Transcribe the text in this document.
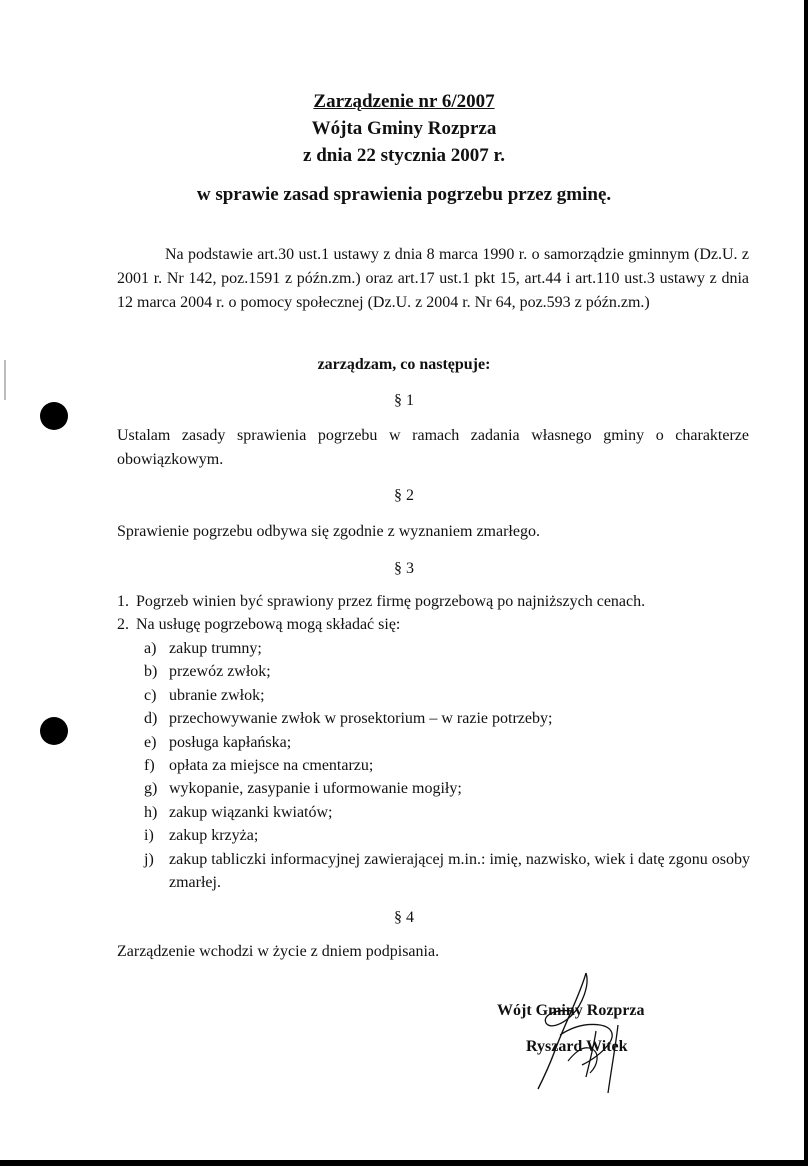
Zarządzenie nr 6/2007
Wójta Gminy Rozprza
z dnia 22 stycznia 2007 r.
w sprawie zasad sprawienia pogrzebu przez gminę.

Na podstawie art.30 ust.1 ustawy z dnia 8 marca 1990 r. o samorządzie gminnym (Dz.U. z 2001 r. Nr 142, poz.1591 z późn.zm.) oraz art.17 ust.1 pkt 15, art.44 i art.110 ust.3 ustawy z dnia 12 marca 2004 r. o pomocy społecznej (Dz.U. z 2004 r. Nr 64, poz.593 z późn.zm.)

zarządzam, co następuje:
§ 1

Ustalam zasady sprawienia pogrzebu w ramach zadania własnego gminy o charakterze obowiązkowym.

§ 2

Sprawienie pogrzebu odbywa się zgodnie z wyznaniem zmarłego.

§ 3
1. Pogrzeb winien być sprawiony przez firmę pogrzebową po najniższych cenach.
2. Na usługę pogrzebową mogą składać się:
a) zakup trumny;
b) przewóz zwłok;
c) ubranie zwłok;
d) przechowywanie zwłok w prosektorium – w razie potrzeby;
e) posługa kapłańska;
f) opłata za miejsce na cmentarzu;
g) wykopanie, zasypanie i uformowanie mogiły;
h) zakup wiązanki kwiatów;
i) zakup krzyża;
j) zakup tabliczki informacyjnej zawierającej m.in.: imię, nazwisko, wiek i datę zgonu osoby zmarłej.
§ 4

Zarządzenie wchodzi w życie z dniem podpisania.

Wójt Gminy Rozprza
Ryszard Witek
